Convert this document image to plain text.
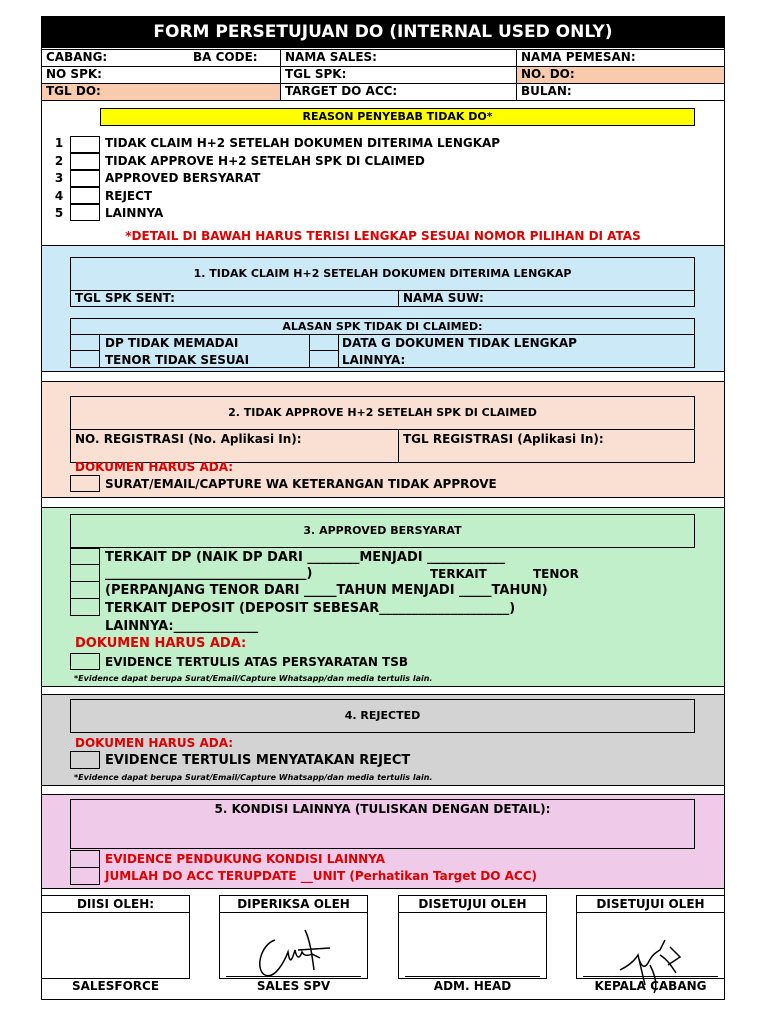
FORM PERSETUJUAN DO (INTERNAL USED ONLY)
CABANG:	BA CODE:	NAMA SALES:	NAMA PEMESAN:
NO SPK:	TGL SPK:	NO. DO:
TGL DO:	TARGET DO ACC:	BULAN:
REASON PENYEBAB TIDAK DO*
1	TIDAK CLAIM H+2 SETELAH DOKUMEN DITERIMA LENGKAP
2	TIDAK APPROVE H+2 SETELAH SPK DI CLAIMED
3	APPROVED BERSYARAT
4	REJECT
5	LAINNYA
*DETAIL DI BAWAH HARUS TERISI LENGKAP SESUAI NOMOR PILIHAN DI ATAS
1. TIDAK CLAIM H+2 SETELAH DOKUMEN DITERIMA LENGKAP
TGL SPK SENT:	NAMA SUW:
ALASAN SPK TIDAK DI CLAIMED:
DP TIDAK MEMADAI
TENOR TIDAK SESUAI
DATA G DOKUMEN TIDAK LENGKAP
LAINNYA:
2. TIDAK APPROVE H+2 SETELAH SPK DI CLAIMED
NO. REGISTRASI (No. Aplikasi In):	TGL REGISTRASI (Aplikasi In):
DOKUMEN HARUS ADA:
SURAT/EMAIL/CAPTURE WA KETERANGAN TIDAK APPROVE
3. APPROVED BERSYARAT
TERKAIT DP (NAIK DP DARI ________MENJADI ____________
_______________________________)	TERKAIT	TENOR
(PERPANJANG TENOR DARI _____TAHUN MENJADI _____TAHUN)
TERKAIT DEPOSIT (DEPOSIT SEBESAR____________________)
LAINNYA:_____________
DOKUMEN HARUS ADA:
EVIDENCE TERTULIS ATAS PERSYARATAN TSB
*Evidence dapat berupa Surat/Email/Capture Whatsapp/dan media tertulis lain.
4. REJECTED
DOKUMEN HARUS ADA:
EVIDENCE TERTULIS MENYATAKAN REJECT
*Evidence dapat berupa Surat/Email/Capture Whatsapp/dan media tertulis lain.
5. KONDISI LAINNYA (TULISKAN DENGAN DETAIL):
EVIDENCE PENDUKUNG KONDISI LAINNYA
JUMLAH DO ACC TERUPDATE __UNIT (Perhatikan Target DO ACC)
DIISI OLEH:
SALESFORCE
DIPERIKSA OLEH
SALES SPV
DISETUJUI OLEH
ADM. HEAD
DISETUJUI OLEH
KEPALA CABANG
